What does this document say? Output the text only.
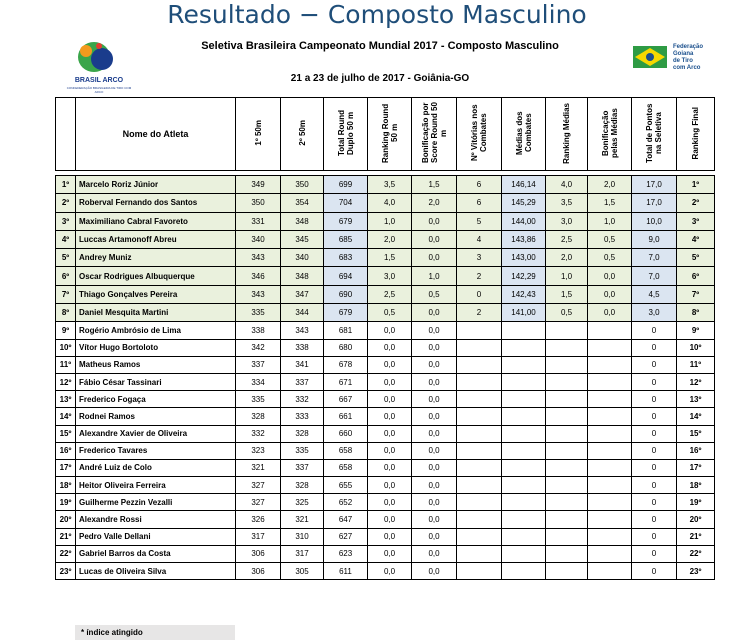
Resultado − Composto Masculino
BRASIL ARCO
CONFEDERAÇÃO BRASILEIRA DE TIRO COM ARCO
Seletiva Brasileira Campeonato Mundial 2017 - Composto Masculino
21 a 23 de julho de 2017 - Goiânia-GO
Federação
Goiana
de Tiro
com Arco
	Nome do Atleta	1º 50m	2º 50m	Total Round Duplo 50 m	Ranking Round 50 m	Bonificação por Score Round 50 m	Nº Vitórias nos Combates	Médias dos Combates	Ranking Médias	Bonificação pelas Médias	Total de Pontos na Seletiva	Ranking Final

1º	Marcelo Roriz Júnior	349	350	699	3,5	1,5	6	146,14	4,0	2,0	17,0	1º
2º	Roberval Fernando dos Santos	350	354	704	4,0	2,0	6	145,29	3,5	1,5	17,0	2º
3º	Maximiliano Cabral Favoreto	331	348	679	1,0	0,0	5	144,00	3,0	1,0	10,0	3º
4º	Luccas Artamonoff Abreu	340	345	685	2,0	0,0	4	143,86	2,5	0,5	9,0	4º
5º	Andrey Muniz	343	340	683	1,5	0,0	3	143,00	2,0	0,5	7,0	5º
6º	Oscar Rodrigues Albuquerque	346	348	694	3,0	1,0	2	142,29	1,0	0,0	7,0	6º
7º	Thiago Gonçalves Pereira	343	347	690	2,5	0,5	0	142,43	1,5	0,0	4,5	7º
8º	Daniel Mesquita Martini	335	344	679	0,5	0,0	2	141,00	0,5	0,0	3,0	8º
9º	Rogério Ambrósio de Lima	338	343	681	0,0	0,0					0	9º
10º	Vítor Hugo Bortoloto	342	338	680	0,0	0,0					0	10º
11º	Matheus Ramos	337	341	678	0,0	0,0					0	11º
12º	Fábio César Tassinari	334	337	671	0,0	0,0					0	12º
13º	Frederico Fogaça	335	332	667	0,0	0,0					0	13º
14º	Rodnei Ramos	328	333	661	0,0	0,0					0	14º
15º	Alexandre Xavier de Oliveira	332	328	660	0,0	0,0					0	15º
16º	Frederico Tavares	323	335	658	0,0	0,0					0	16º
17º	André Luiz de Colo	321	337	658	0,0	0,0					0	17º
18º	Heitor Oliveira Ferreira	327	328	655	0,0	0,0					0	18º
19º	Guilherme Pezzin Vezalli	327	325	652	0,0	0,0					0	19º
20º	Alexandre Rossi	326	321	647	0,0	0,0					0	20º
21º	Pedro Valle Dellani	317	310	627	0,0	0,0					0	21º
22º	Gabriel Barros da Costa	306	317	623	0,0	0,0					0	22º
23º	Lucas de Oliveira Silva	306	305	611	0,0	0,0					0	23º
* índice atingido
